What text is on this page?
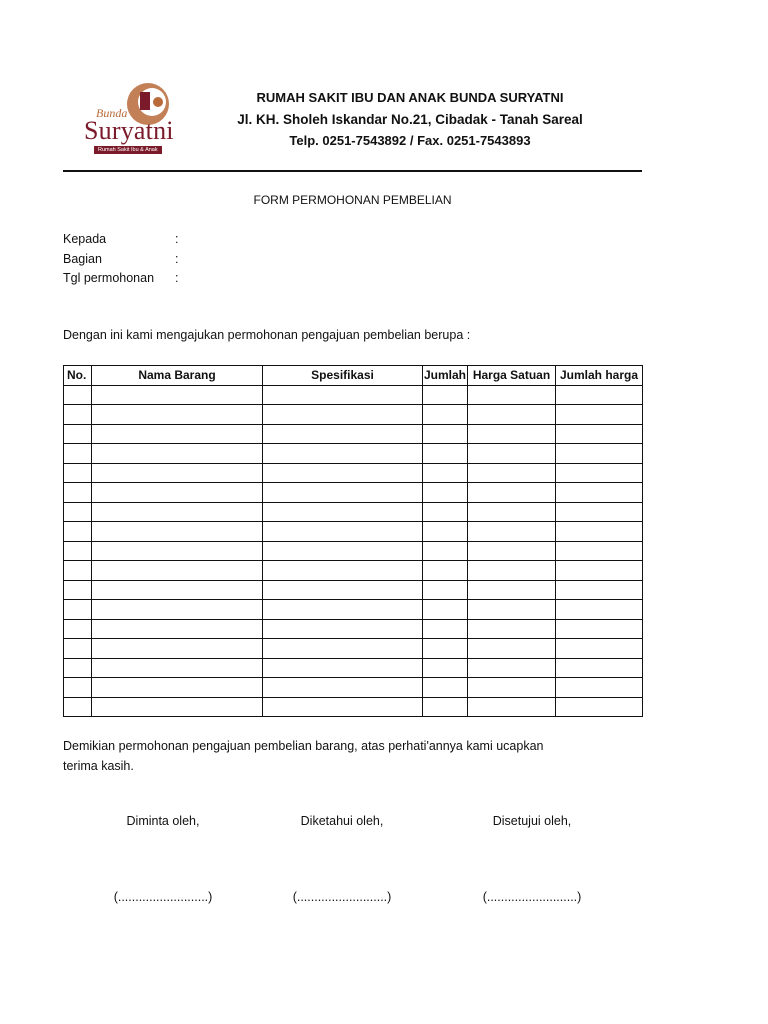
Bunda
Suryatni
Rumah Sakit Ibu & Anak
RUMAH SAKIT IBU DAN ANAK BUNDA SURYATNI
Jl. KH. Sholeh Iskandar No.21, Cibadak - Tanah Sareal
Telp. 0251-7543892 / Fax. 0251-7543893
FORM PERMOHONAN PEMBELIAN
Kepada	:
Bagian	:
Tgl permohonan :
Dengan ini kami mengajukan permohonan pengajuan pembelian berupa :
No.	Nama Barang	Spesifikasi	Jumlah	Harga Satuan	Jumlah harga

Demikian permohonan pengajuan pembelian barang, atas perhati'annya kami ucapkan
terima kasih.
Diminta oleh,	Diketahui oleh,	Disetujui oleh,
(..........................)	(..........................)	(..........................)
